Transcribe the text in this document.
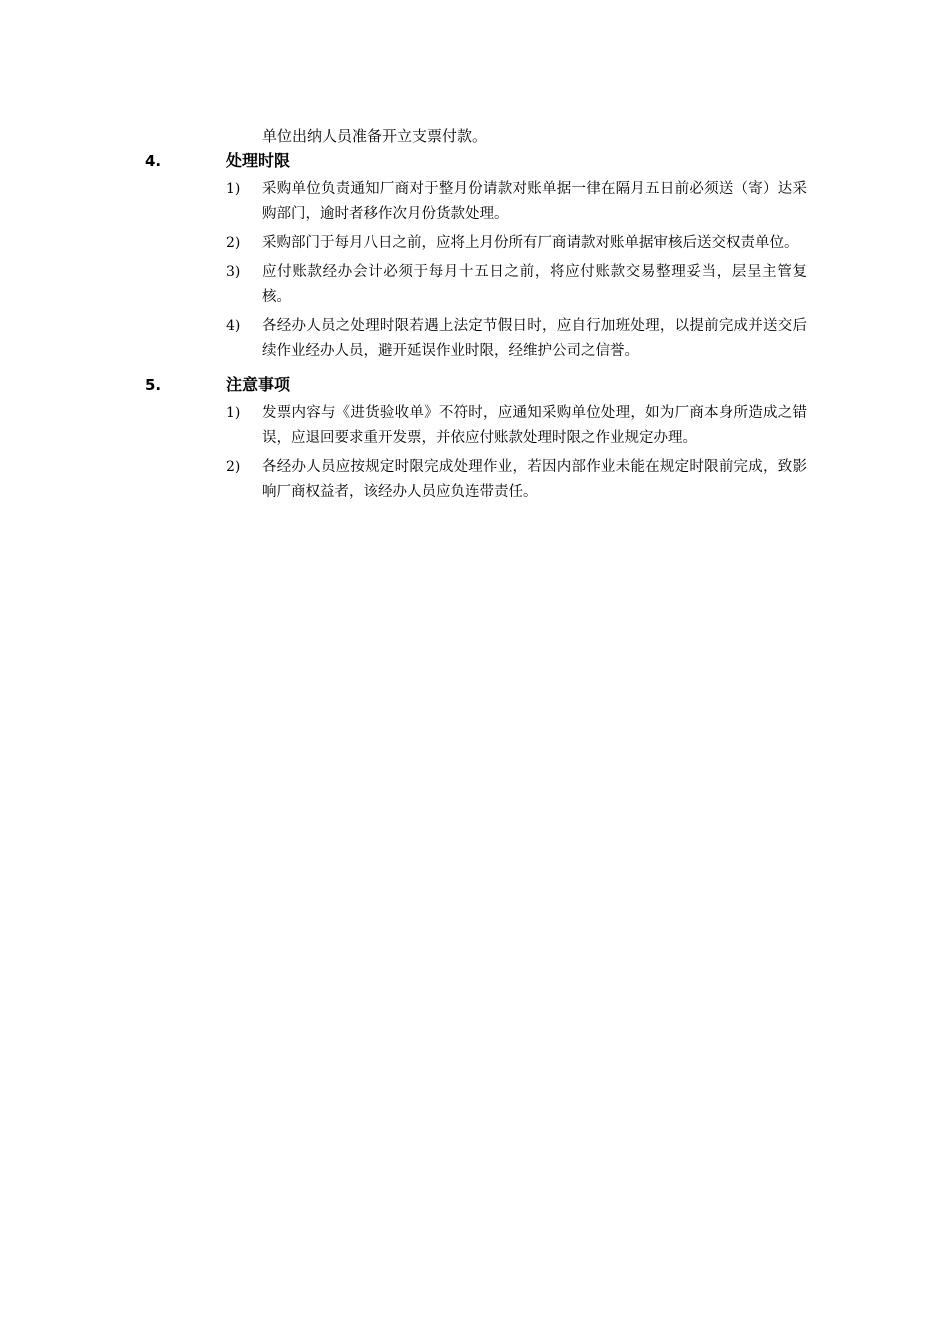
单位出纳人员准备开立支票付款。
4.	处理时限
1) 采购单位负责通知厂商对于整月份请款对账单据一律在隔月五日前必须送（寄）达采购部门，逾时者移作次月份货款处理。
2) 采购部门于每月八日之前，应将上月份所有厂商请款对账单据审核后送交权责单位。
3) 应付账款经办会计必须于每月十五日之前，将应付账款交易整理妥当，层呈主管复核。
4) 各经办人员之处理时限若遇上法定节假日时，应自行加班处理，以提前完成并送交后续作业经办人员，避开延误作业时限，经维护公司之信誉。
5.	注意事项
1) 发票内容与《进货验收单》不符时，应通知采购单位处理，如为厂商本身所造成之错误，应退回要求重开发票，并依应付账款处理时限之作业规定办理。
2) 各经办人员应按规定时限完成处理作业，若因内部作业未能在规定时限前完成，致影响厂商权益者，该经办人员应负连带责任。
